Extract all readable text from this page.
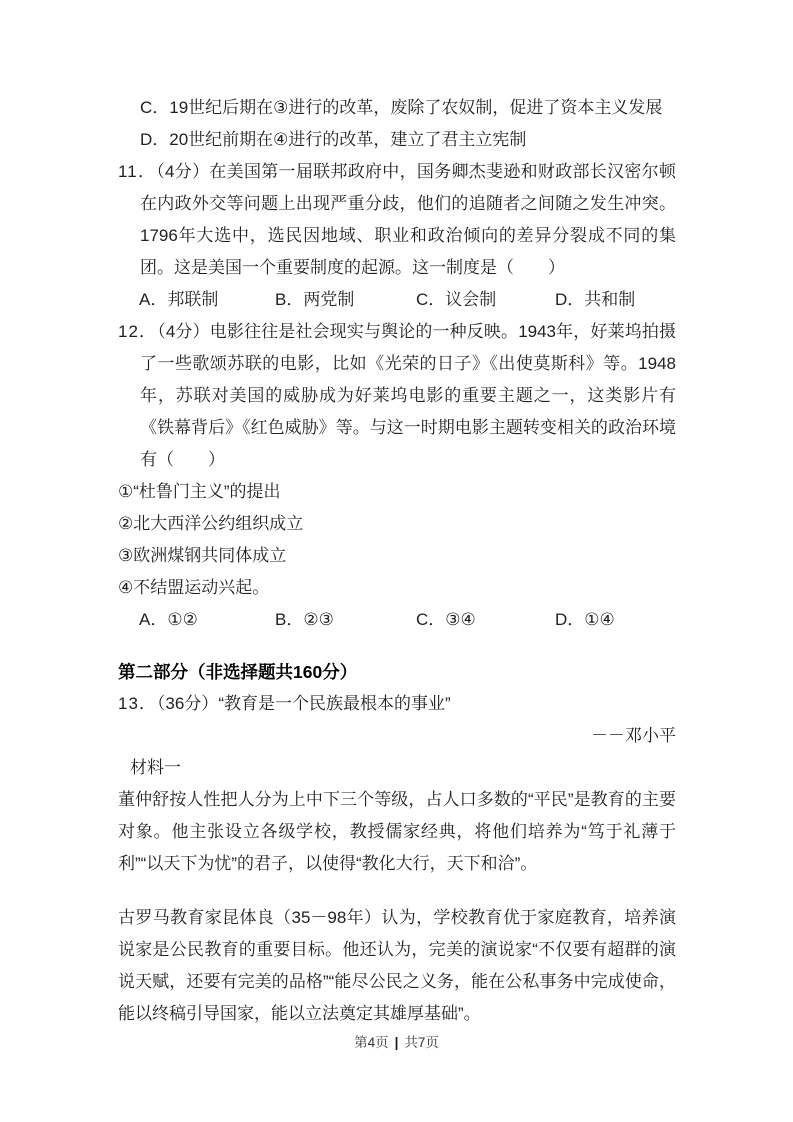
C．19世纪后期在③进行的改革，废除了农奴制，促进了资本主义发展

D．20世纪前期在④进行的改革，建立了君主立宪制

11．（4分）在美国第一届联邦政府中，国务卿杰斐逊和财政部长汉密尔顿在内政外交等问题上出现严重分歧，他们的追随者之间随之发生冲突。1796年大选中，选民因地域、职业和政治倾向的差异分裂成不同的集团。这是美国一个重要制度的起源。这一制度是（　　）

A．邦联制	B．两党制	C．议会制	D．共和制

12．（4分）电影往往是社会现实与舆论的一种反映。1943年，好莱坞拍摄了一些歌颂苏联的电影，比如《光荣的日子》《出使莫斯科》等。1948年，苏联对美国的威胁成为好莱坞电影的重要主题之一，这类影片有《铁幕背后》《红色威胁》等。与这一时期电影主题转变相关的政治环境有（　　）

①“杜鲁门主义”的提出

②北大西洋公约组织成立

③欧洲煤钢共同体成立

④不结盟运动兴起。

A．①②	B．②③	C．③④	D．①④

第二部分（非选择题共160分）

13．（36分）“教育是一个民族最根本的事业”

－－邓小平

材料一

董仲舒按人性把人分为上中下三个等级，占人口多数的“平民”是教育的主要对象。他主张设立各级学校，教授儒家经典，将他们培养为“笃于礼薄于利”“以天下为忧”的君子，以使得“教化大行，天下和洽”。

古罗马教育家昆体良（35－98年）认为，学校教育优于家庭教育，培养演说家是公民教育的重要目标。他还认为，完美的演说家“不仅要有超群的演说天赋，还要有完美的品格”“能尽公民之义务，能在公私事务中完成使命，能以终稿引导国家，能以立法奠定其雄厚基础”。

第4页 | 共7页
